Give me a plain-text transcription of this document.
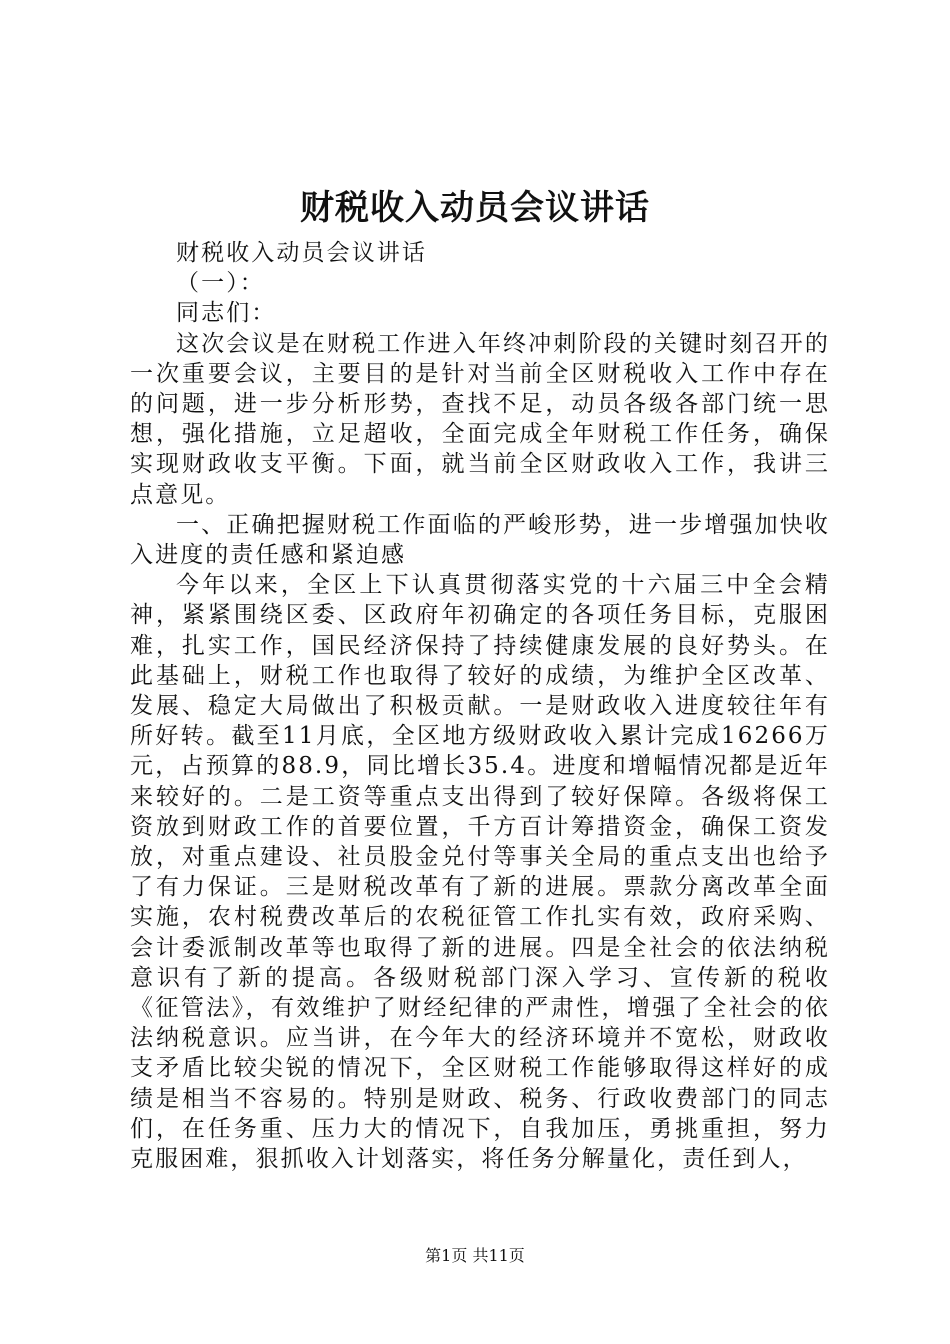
财税收入动员会议讲话

财税收入动员会议讲话

（一）：

同志们：

这次会议是在财税工作进入年终冲刺阶段的关键时刻召开的一次重要会议，主要目的是针对当前全区财税收入工作中存在的问题，进一步分析形势，查找不足，动员各级各部门统一思想，强化措施，立足超收，全面完成全年财税工作任务，确保实现财政收支平衡。下面，就当前全区财政收入工作，我讲三点意见。

一、正确把握财税工作面临的严峻形势，进一步增强加快收入进度的责任感和紧迫感

今年以来，全区上下认真贯彻落实党的十六届三中全会精神，紧紧围绕区委、区政府年初确定的各项任务目标，克服困难，扎实工作，国民经济保持了持续健康发展的良好势头。在此基础上，财税工作也取得了较好的成绩，为维护全区改革、发展、稳定大局做出了积极贡献。一是财政收入进度较往年有所好转。截至11月底，全区地方级财政收入累计完成16266万元，占预算的88.9，同比增长35.4。进度和增幅情况都是近年来较好的。二是工资等重点支出得到了较好保障。各级将保工资放到财政工作的首要位置，千方百计筹措资金，确保工资发放，对重点建设、社员股金兑付等事关全局的重点支出也给予了有力保证。三是财税改革有了新的进展。票款分离改革全面实施，农村税费改革后的农税征管工作扎实有效，政府采购、会计委派制改革等也取得了新的进展。四是全社会的依法纳税意识有了新的提高。各级财税部门深入学习、宣传新的税收《征管法》，有效维护了财经纪律的严肃性，增强了全社会的依法纳税意识。应当讲，在今年大的经济环境并不宽松，财政收支矛盾比较尖锐的情况下，全区财税工作能够取得这样好的成绩是相当不容易的。特别是财政、税务、行政收费部门的同志们，在任务重、压力大的情况下，自我加压，勇挑重担，努力克服困难，狠抓收入计划落实，将任务分解量化，责任到人，

第1页 共11页
